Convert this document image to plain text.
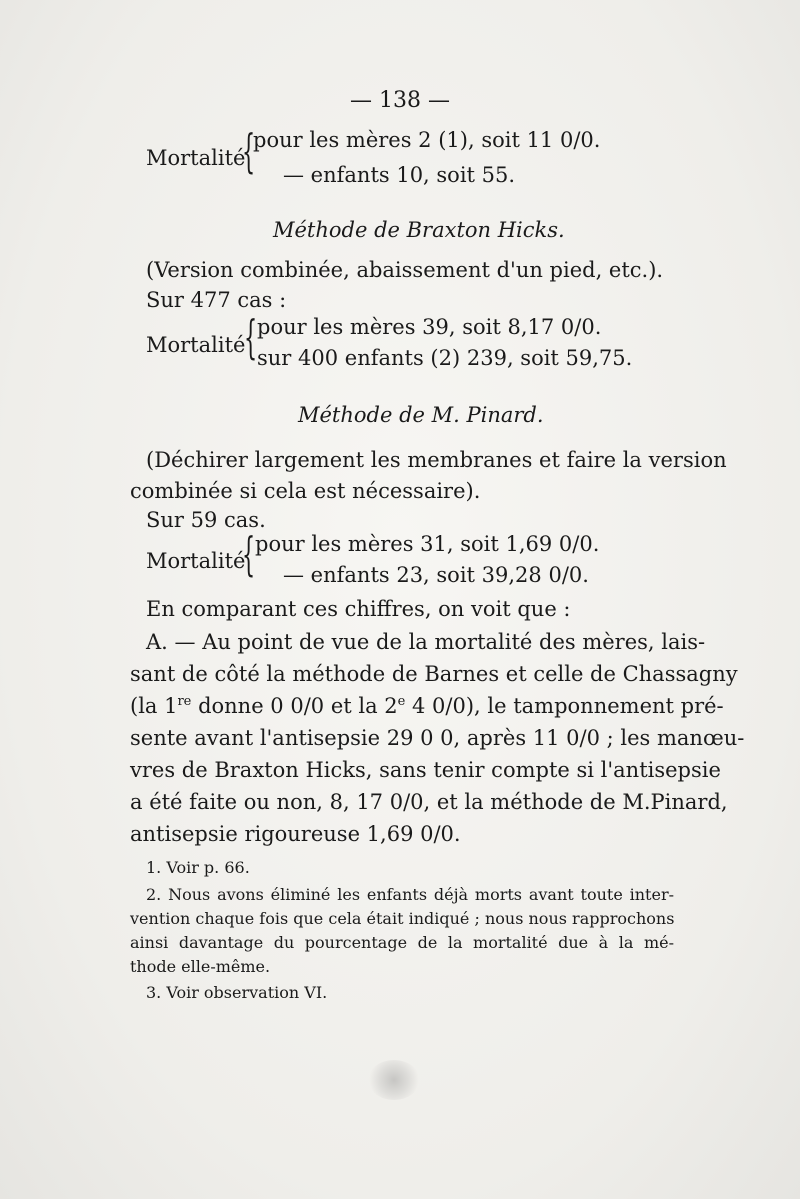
— 138 —
Mortalité
{
pour les mères 2 (1), soit 11 0/0.
— enfants 10, soit 55.
Méthode de Braxton Hicks.
(Version combinée, abaissement d'un pied, etc.).
Sur 477 cas :
Mortalité
{ pour les mères 39, soit 8,17 0/0.
sur 400 enfants (2) 239, soit 59,75.
Méthode de M. Pinard.
(Déchirer largement les membranes et faire la version
combinée si cela est nécessaire).
Sur 59 cas.
Mortalité
{ pour les mères 31, soit 1,69 0/0.
— enfants 23, soit 39,28 0/0.
En comparant ces chiffres, on voit que :
A. — Au point de vue de la mortalité des mères, lais-
sant de côté la méthode de Barnes et celle de Chassagny
(la 1re donne 0 0/0 et la 2e 4 0/0), le tamponnement pré-
sente avant l'antisepsie 29 0 0, après 11 0/0 ; les manœu-
vres de Braxton Hicks, sans tenir compte si l'antisepsie
a été faite ou non, 8, 17 0/0, et la méthode de M.Pinard,
antisepsie rigoureuse 1,69 0/0.
1. Voir p. 66.
2. Nous avons éliminé les enfants déjà morts avant toute inter-
vention chaque fois que cela était indiqué ; nous nous rapprochons
ainsi davantage du pourcentage de la mortalité due à la mé-
thode elle-même.
3. Voir observation VI.
